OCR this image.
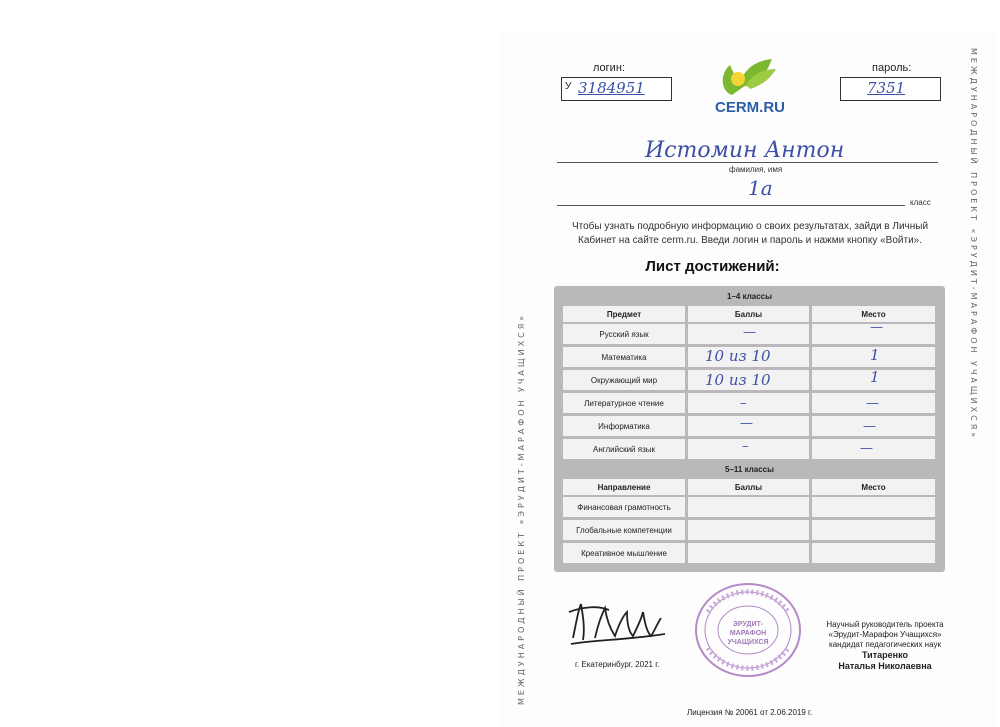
МЕЖДУНАРОДНЫЙ ПРОЕКТ «ЭРУДИТ-МАРАФОН УЧАЩИХСЯ»
МЕЖДУНАРОДНЫЙ ПРОЕКТ «ЭРУДИТ-МАРАФОН УЧАЩИХСЯ»
логин:
У 3184951
CERM.RU
пароль:
7351
Истомин Антон
фамилия, имя
1а
класс
Чтобы узнать подробную информацию о своих результатах, зайди в Личный Кабинет на сайте cerm.ru. Введи логин и пароль и нажми кнопку «Войти».
Лист достижений:
1–4 классы
Предмет	Баллы	Место
Русский язык	—	—
Математика	10 из 10	1
Окружающий мир	10 из 10	1
Литературное чтение	–	—
Информатика	—	—
Английский язык	–	—
5–11 классы
Направление	Баллы	Место
Финансовая грамотность
Глобальные компетенции
Креативное мышление
г. Екатеринбург, 2021 г.
ЭРУДИТ-МАРАФОН УЧАЩИХСЯ
Научный руководитель проекта
«Эрудит-Марафон Учащихся»
кандидат педагогических наук
Титаренко
Наталья Николаевна
Лицензия № 20061 от 2.06.2019 г.
